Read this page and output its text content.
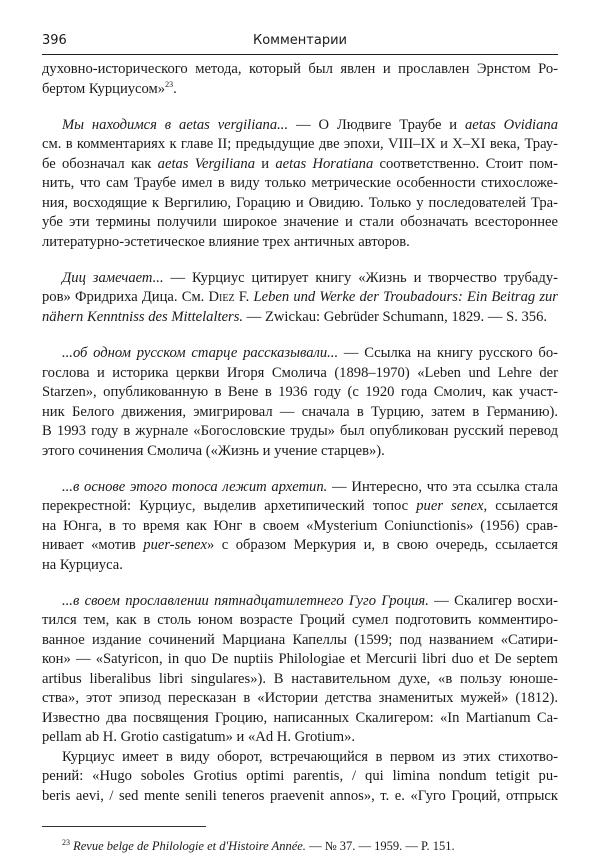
396	Комментарии
духовно-исторического метода, который был явлен и прославлен Эрнстом Ро-
бертом Курциусом»$^{23}$.
Мы находимся в aetas vergiliana... — О Людвиге Траубе и aetas Ovidiana
см. в комментариях к главе II; предыдущие две эпохи, VIII–IX и X–XI века, Трау-
бе обозначал как aetas Vergiliana и aetas Horatiana соответственно. Стоит пом-
нить, что сам Траубе имел в виду только метрические особенности стихосложе-
ния, восходящие к Вергилию, Горацию и Овидию. Только у последователей Тра-
убе эти термины получили широкое значение и стали обозначать всестороннее
литературно-эстетическое влияние трех античных авторов.
Диц замечает... — Курциус цитирует книгу «Жизнь и творчество трубаду-
ров» Фридриха Дица. См. Diez F. Leben und Werke der Troubadours: Ein Beitrag zur
nähern Kenntniss des Mittelalters. — Zwickau: Gebrüder Schumann, 1829. — S. 356.
...об одном русском старце рассказывали... — Ссылка на книгу русского бо-
гослова и историка церкви Игоря Смолича (1898–1970) «Leben und Lehre der
Starzen», опубликованную в Вене в 1936 году (с 1920 года Смолич, как участ-
ник Белого движения, эмигрировал — сначала в Турцию, затем в Германию).
В 1993 году в журнале «Богословские труды» был опубликован русский перевод
этого сочинения Смолича («Жизнь и учение старцев»).
...в основе этого топоса лежит архетип. — Интересно, что эта ссылка стала
перекрестной: Курциус, выделив архетипический топос puer senex, ссылается
на Юнга, в то время как Юнг в своем «Mysterium Coniunctionis» (1956) срав-
нивает «мотив puer-senex» с образом Меркурия и, в свою очередь, ссылается
на Курциуса.
...в своем прославлении пятнадцатилетнего Гуго Гроция. — Скалигер восхи-
тился тем, как в столь юном возрасте Гроций сумел подготовить комментиро-
ванное издание сочинений Марциана Капеллы (1599; под названием «Сатири-
кон» — «Satyricon, in quo De nuptiis Philologiae et Mercurii libri duo et De septem
artibus liberalibus libri singulares»). В наставительном духе, «в пользу юноше-
ства», этот эпизод пересказан в «Истории детства знаменитых мужей» (1812).
Известно два посвящения Гроцию, написанных Скалигером: «In Martianum Ca-
pellam ab H. Grotio castigatum» и «Ad H. Grotium».
Курциус имеет в виду оборот, встречающийся в первом из этих стихотво-
рений: «Hugo soboles Grotius optimi parentis, / qui limina nondum tetigit pu-
beris aevi, / sed mente senili teneros praevenit annos», т. е. «Гуго Гроций, отпрыск
$^{23}$ Revue belge de Philologie et d'Histoire Année. — № 37. — 1959. — P. 151.
